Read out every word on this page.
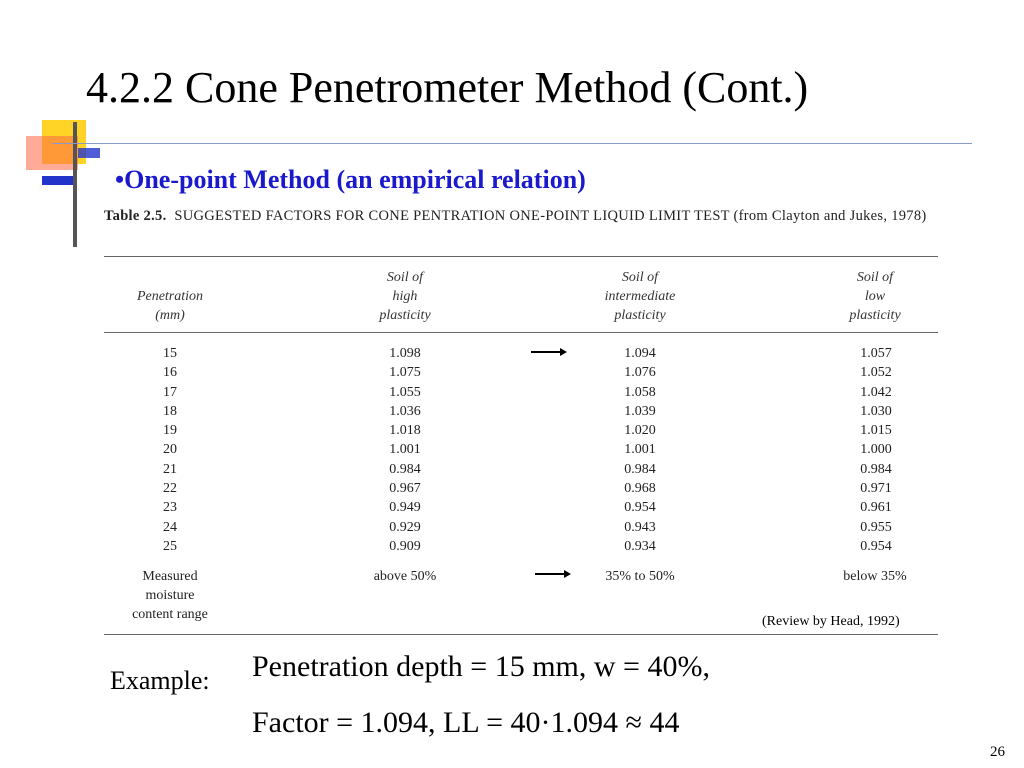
4.2.2 Cone Penetrometer Method (Cont.)
•One-point Method (an empirical relation)
Table 2.5. SUGGESTED FACTORS FOR CONE PENTRATION ONE-POINT LIQUID LIMIT TEST (from Clayton and Jukes, 1978)
Penetration
(mm)
Soil of
high
plasticity
Soil of
intermediate
plasticity
Soil of
low
plasticity
15
16
17
18
19
20
21
22
23
24
25
1.098
1.075
1.055
1.036
1.018
1.001
0.984
0.967
0.949
0.929
0.909
1.094
1.076
1.058
1.039
1.020
1.001
0.984
0.968
0.954
0.943
0.934
1.057
1.052
1.042
1.030
1.015
1.000
0.984
0.971
0.961
0.955
0.954
Measured
moisture
content range
above 50%	35% to 50%	below 35%
(Review by Head, 1992)
Example: Penetration depth = 15 mm, w = 40%,
Factor = 1.094, LL = 40·1.094 ≈ 44
26
